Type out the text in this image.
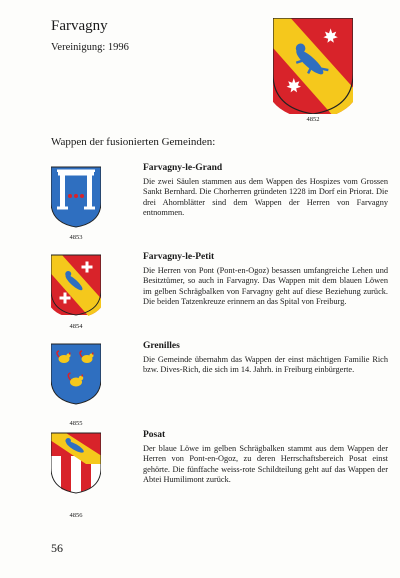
Farvagny
Vereinigung: 1996
4852
Wappen der fusionierten Gemeinden:
4853
Farvagny-le-Grand
Die zwei Säulen stammen aus dem Wappen des Hospizes vom Grossen Sankt Bernhard. Die Chorherren gründeten 1228 im Dorf ein Priorat. Die drei Ahornblätter sind dem Wappen der Herren von Farvagny entnommen.
4854
Farvagny-le-Petit
Die Herren von Pont (Pont-en-Ogoz) besassen umfangreiche Lehen und Besitztümer, so auch in Farvagny. Das Wappen mit dem blauen Löwen im gelben Schrägbalken von Farvagny geht auf diese Beziehung zurück. Die beiden Tatzenkreuze erinnern an das Spital von Freiburg.
4855
Grenilles
Die Gemeinde übernahm das Wappen der einst mächtigen Familie Rich bzw. Dives-Rich, die sich im 14. Jahrh. in Freiburg einbürgerte.
4856
Posat
Der blaue Löwe im gelben Schrägbalken stammt aus dem Wappen der Herren von Pont-en-Ogoz, zu deren Herrschaftsbereich Posat einst gehörte. Die fünffache weiss-rote Schildteilung geht auf das Wappen der Abtei Humilimont zurück.
56
